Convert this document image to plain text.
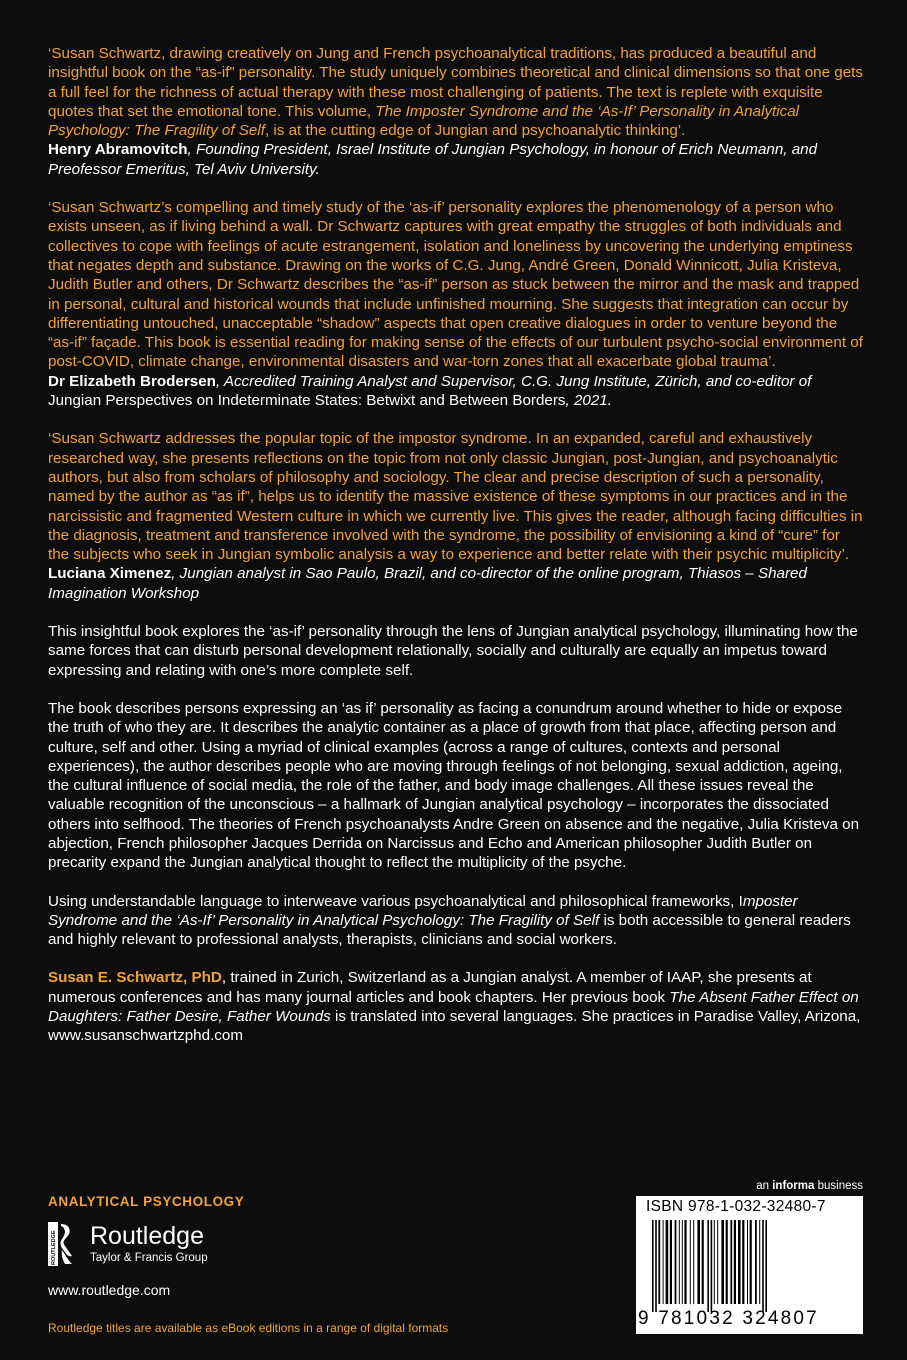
‘Susan Schwartz, drawing creatively on Jung and French psychoanalytical traditions, has produced a beautiful and insightful book on the “as-if” personality. The study uniquely combines theoretical and clinical dimensions so that one gets a full feel for the richness of actual therapy with these most challenging of patients. The text is replete with exquisite quotes that set the emotional tone. This volume, The Imposter Syndrome and the ‘As-If’ Personality in Analytical Psychology: The Fragility of Self, is at the cutting edge of Jungian and psychoanalytic thinking’.

Henry Abramovitch, Founding President, Israel Institute of Jungian Psychology, in honour of Erich Neumann, and Preofessor Emeritus, Tel Aviv University.

‘Susan Schwartz’s compelling and timely study of the ‘as-if’ personality explores the phenomenology of a person who exists unseen, as if living behind a wall. Dr Schwartz captures with great empathy the struggles of both individuals and collectives to cope with feelings of acute estrangement, isolation and loneliness by uncovering the underlying emptiness that negates depth and substance. Drawing on the works of C.G. Jung, André Green, Donald Winnicott, Julia Kristeva, Judith Butler and others, Dr Schwartz describes the “as-if” person as stuck between the mirror and the mask and trapped in personal, cultural and historical wounds that include unfinished mourning. She suggests that integration can occur by differentiating untouched, unacceptable “shadow” aspects that open creative dialogues in order to venture beyond the “as-if” façade. This book is essential reading for making sense of the effects of our turbulent psycho-social environment of post-COVID, climate change, environmental disasters and war-torn zones that all exacerbate global trauma’.

Dr Elizabeth Brodersen, Accredited Training Analyst and Supervisor, C.G. Jung Institute, Zürich, and co-editor of Jungian Perspectives on Indeterminate States: Betwixt and Between Borders, 2021.

‘Susan Schwartz addresses the popular topic of the impostor syndrome. In an expanded, careful and exhaustively researched way, she presents reflections on the topic from not only classic Jungian, post-Jungian, and psychoanalytic authors, but also from scholars of philosophy and sociology. The clear and precise description of such a personality, named by the author as “as if”, helps us to identify the massive existence of these symptoms in our practices and in the narcissistic and fragmented Western culture in which we currently live. This gives the reader, although facing difficulties in the diagnosis, treatment and transference involved with the syndrome, the possibility of envisioning a kind of “cure” for the subjects who seek in Jungian symbolic analysis a way to experience and better relate with their psychic multiplicity’.

Luciana Ximenez, Jungian analyst in Sao Paulo, Brazil, and co-director of the online program, Thiasos – Shared Imagination Workshop

This insightful book explores the ‘as-if’ personality through the lens of Jungian analytical psychology, illuminating how the same forces that can disturb personal development relationally, socially and culturally are equally an impetus toward expressing and relating with one’s more complete self.

The book describes persons expressing an ‘as if’ personality as facing a conundrum around whether to hide or expose the truth of who they are. It describes the analytic container as a place of growth from that place, affecting person and culture, self and other. Using a myriad of clinical examples (across a range of cultures, contexts and personal experiences), the author describes people who are moving through feelings of not belonging, sexual addiction, ageing, the cultural influence of social media, the role of the father, and body image challenges. All these issues reveal the valuable recognition of the unconscious – a hallmark of Jungian analytical psychology – incorporates the dissociated others into selfhood. The theories of French psychoanalysts Andre Green on absence and the negative, Julia Kristeva on abjection, French philosopher Jacques Derrida on Narcissus and Echo and American philosopher Judith Butler on precarity expand the Jungian analytical thought to reflect the multiplicity of the psyche.

Using understandable language to interweave various psychoanalytical and philosophical frameworks, Imposter Syndrome and the ‘As-If’ Personality in Analytical Psychology: The Fragility of Self is both accessible to general readers and highly relevant to professional analysts, therapists, clinicians and social workers.

Susan E. Schwartz, PhD, trained in Zurich, Switzerland as a Jungian analyst. A member of IAAP, she presents at numerous conferences and has many journal articles and book chapters. Her previous book The Absent Father Effect on Daughters: Father Desire, Father Wounds is translated into several languages. She practices in Paradise Valley, Arizona, www.susanschwartzphd.com

ANALYTICAL PSYCHOLOGY
ROUTLEDGE Routledge
Taylor & Francis Group
www.routledge.com
Routledge titles are available as eBook editions in a range of digital formats
an informa business
ISBN 978-1-032-32480-7
9 781032 324807
